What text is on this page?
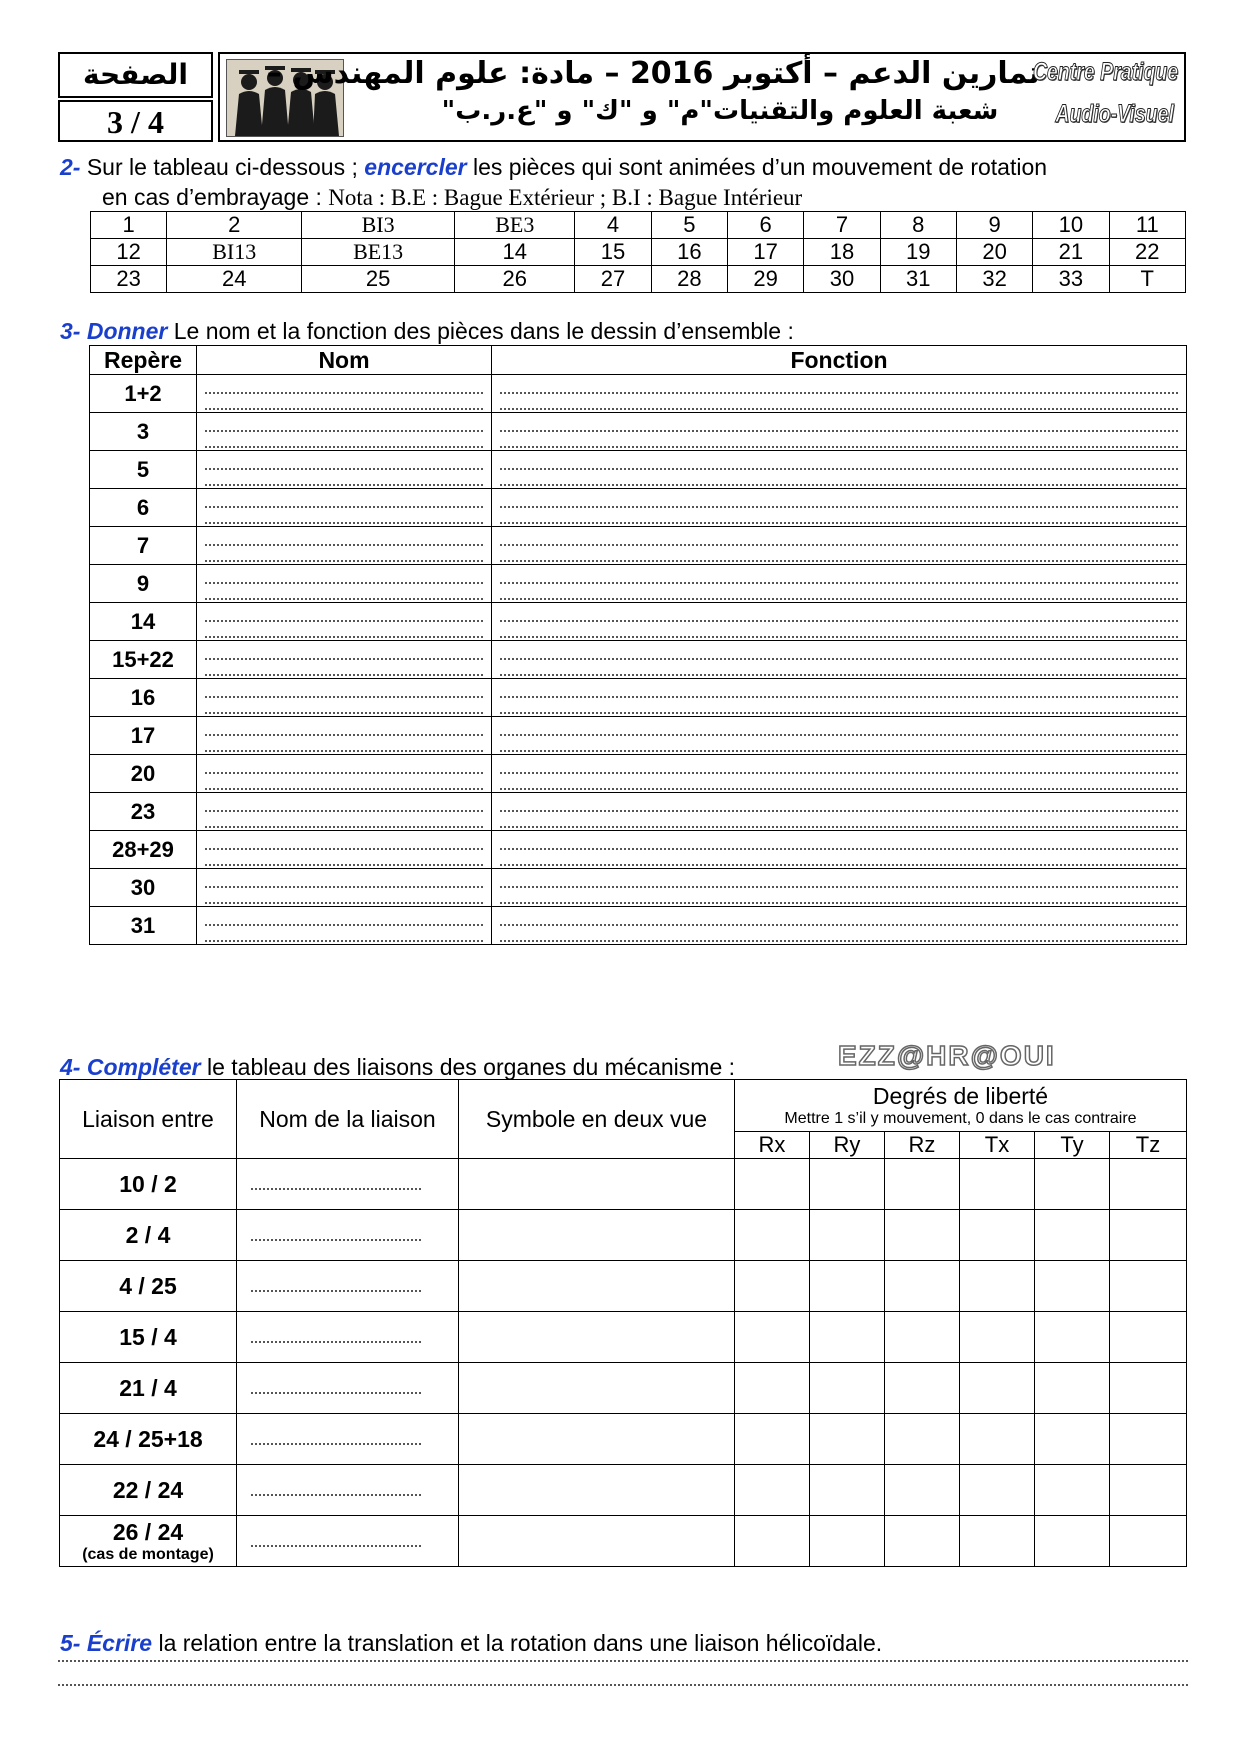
الصفحة
3 / 4
تمارين الدعم – أكتوبر 2016 – مادة: علوم المهندس –
شعبة العلوم والتقنيات"م" و "ك" و "ع.ر.ب"
Centre Pratique
Audio-Visuel
2- Sur le tableau ci-dessous ; encercler les pièces qui sont animées d’un mouvement de rotation
en cas d’embrayage : Nota : B.E : Bague Extérieur ; B.I : Bague Intérieur
1	2	BI3	BE3	4	5	6	7	8	9	10	11
12	BI13	BE13	14	15	16	17	18	19	20	21	22
23	24	25	26	27	28	29	30	31	32	33	T
3- Donner Le nom et la fonction des pièces dans le dessin d’ensemble :
Repère	Nom	Fonction
1+2	

3	

5	

6	

7	

9	

14	

15+22	

16	

17	

20	

23	

28+29	

30	

31	

4- Compléter le tableau des liaisons des organes du mécanisme :	EZZ@HR@OUI
Liaison entre	Nom de la liaison	Symbole en deux vue	Degrés de liberté
Mettre 1 s’il y mouvement, 0 dans le cas contraire					

			Rx	Ry	Rz	Tx	Ty	Tz
10 / 2								
2 / 4								
4 / 25								
15 / 4								
21 / 4								
24 / 25+18								
22 / 24								
26 / 24
(cas de montage)								

5- Écrire la relation entre la translation et la rotation dans une liaison hélicoïdale.
